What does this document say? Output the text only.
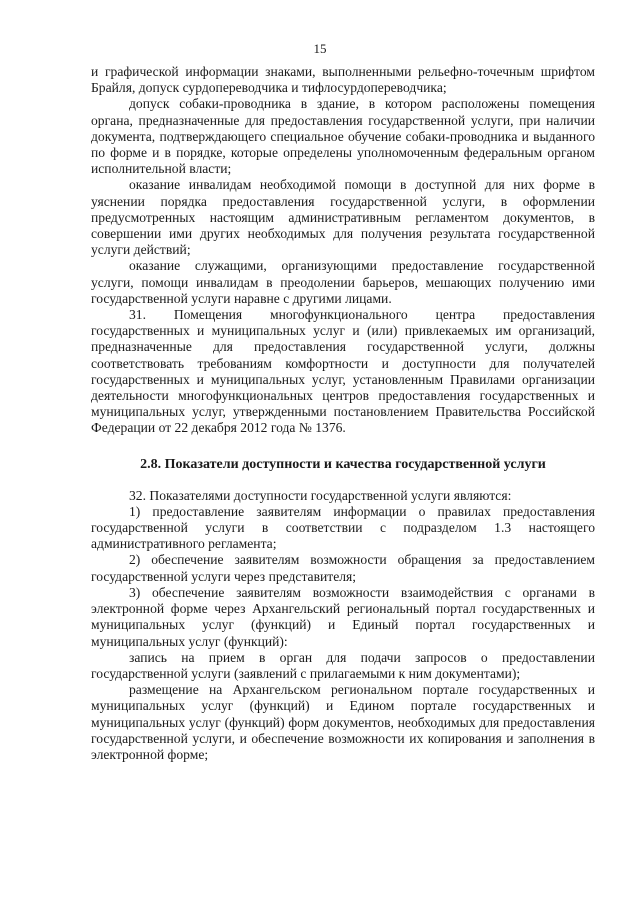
15

и графической информации знаками, выполненными рельефно-точечным шрифтом Брайля, допуск сурдопереводчика и тифлосурдопереводчика;

допуск собаки-проводника в здание, в котором расположены помещения органа, предназначенные для предоставления государственной услуги, при наличии документа, подтверждающего специальное обучение собаки-проводника и выданного по форме и в порядке, которые определены уполномоченным федеральным органом исполнительной власти;

оказание инвалидам необходимой помощи в доступной для них форме в уяснении порядка предоставления государственной услуги, в оформлении предусмотренных настоящим административным регламентом документов, в совершении ими других необходимых для получения результата государственной услуги действий;

оказание служащими, организующими предоставление государственной услуги, помощи инвалидам в преодолении барьеров, мешающих получению ими государственной услуги наравне с другими лицами.

31. Помещения многофункционального центра предоставления государственных и муниципальных услуг и (или) привлекаемых им организаций, предназначенные для предоставления государственной услуги, должны соответствовать требованиям комфортности и доступности для получателей государственных и муниципальных услуг, установленным Правилами организации деятельности многофункциональных центров предоставления государственных и муниципальных услуг, утвержденными постановлением Правительства Российской Федерации от 22 декабря 2012 года № 1376.

2.8. Показатели доступности и качества государственной услуги

32. Показателями доступности государственной услуги являются:

1) предоставление заявителям информации о правилах предоставления государственной услуги в соответствии с подразделом 1.3 настоящего административного регламента;

2) обеспечение заявителям возможности обращения за предоставлением государственной услуги через представителя;

3) обеспечение заявителям возможности взаимодействия с органами в электронной форме через Архангельский региональный портал государственных и муниципальных услуг (функций) и Единый портал государственных и муниципальных услуг (функций):

запись на прием в орган для подачи запросов о предоставлении государственной услуги (заявлений с прилагаемыми к ним документами);

размещение на Архангельском региональном портале государственных и муниципальных услуг (функций) и Едином портале государственных и муниципальных услуг (функций) форм документов, необходимых для предоставления государственной услуги, и обеспечение возможности их копирования и заполнения в электронной форме;
